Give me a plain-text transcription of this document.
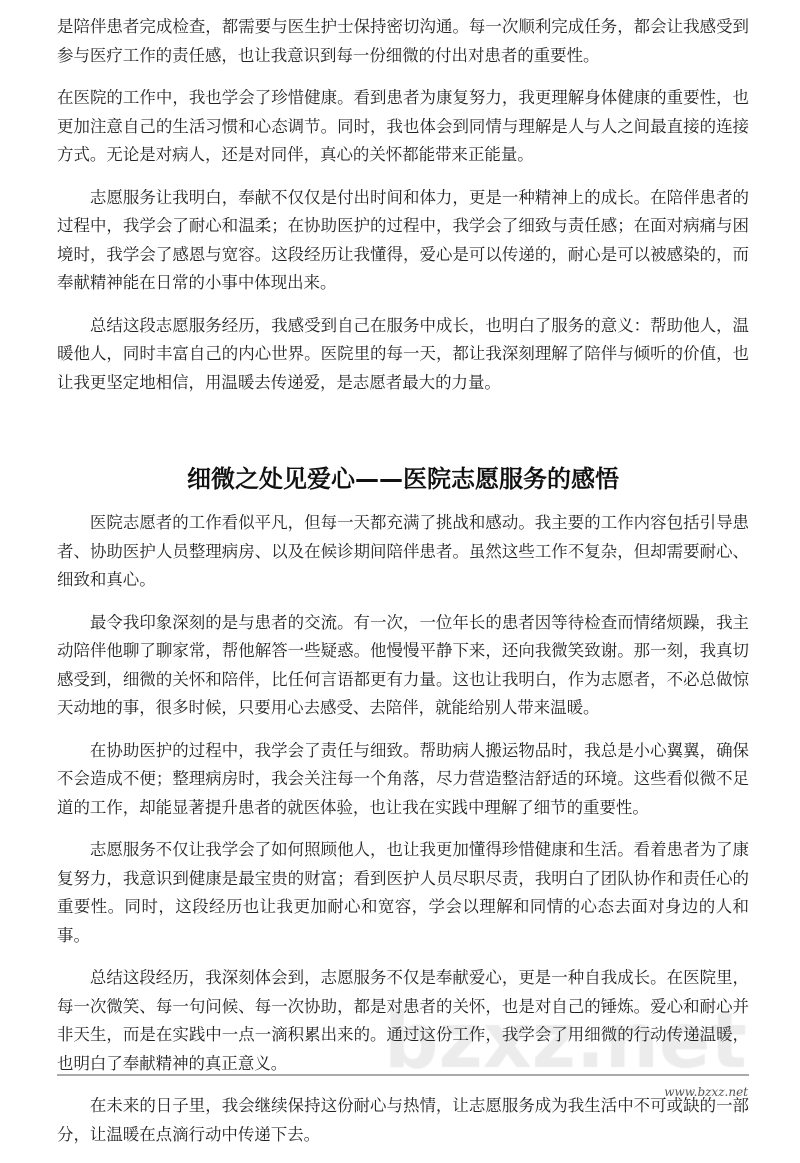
是陪伴患者完成检查，都需要与医生护士保持密切沟通。每一次顺利完成任务，都会让我感受到参与医疗工作的责任感，也让我意识到每一份细微的付出对患者的重要性。

在医院的工作中，我也学会了珍惜健康。看到患者为康复努力，我更理解身体健康的重要性，也更加注意自己的生活习惯和心态调节。同时，我也体会到同情与理解是人与人之间最直接的连接方式。无论是对病人，还是对同伴，真心的关怀都能带来正能量。

志愿服务让我明白，奉献不仅仅是付出时间和体力，更是一种精神上的成长。在陪伴患者的过程中，我学会了耐心和温柔；在协助医护的过程中，我学会了细致与责任感；在面对病痛与困境时，我学会了感恩与宽容。这段经历让我懂得，爱心是可以传递的，耐心是可以被感染的，而奉献精神能在日常的小事中体现出来。

总结这段志愿服务经历，我感受到自己在服务中成长，也明白了服务的意义：帮助他人，温暖他人，同时丰富自己的内心世界。医院里的每一天，都让我深刻理解了陪伴与倾听的价值，也让我更坚定地相信，用温暖去传递爱，是志愿者最大的力量。

细微之处见爱心——医院志愿服务的感悟

医院志愿者的工作看似平凡，但每一天都充满了挑战和感动。我主要的工作内容包括引导患者、协助医护人员整理病房、以及在候诊期间陪伴患者。虽然这些工作不复杂，但却需要耐心、细致和真心。

最令我印象深刻的是与患者的交流。有一次，一位年长的患者因等待检查而情绪烦躁，我主动陪伴他聊了聊家常，帮他解答一些疑惑。他慢慢平静下来，还向我微笑致谢。那一刻，我真切感受到，细微的关怀和陪伴，比任何言语都更有力量。这也让我明白，作为志愿者，不必总做惊天动地的事，很多时候，只要用心去感受、去陪伴，就能给别人带来温暖。

在协助医护的过程中，我学会了责任与细致。帮助病人搬运物品时，我总是小心翼翼，确保不会造成不便；整理病房时，我会关注每一个角落，尽力营造整洁舒适的环境。这些看似微不足道的工作，却能显著提升患者的就医体验，也让我在实践中理解了细节的重要性。

志愿服务不仅让我学会了如何照顾他人，也让我更加懂得珍惜健康和生活。看着患者为了康复努力，我意识到健康是最宝贵的财富；看到医护人员尽职尽责，我明白了团队协作和责任心的重要性。同时，这段经历也让我更加耐心和宽容，学会以理解和同情的心态去面对身边的人和事。

总结这段经历，我深刻体会到，志愿服务不仅是奉献爱心，更是一种自我成长。在医院里，每一次微笑、每一句问候、每一次协助，都是对患者的关怀，也是对自己的锤炼。爱心和耐心并非天生，而是在实践中一点一滴积累出来的。通过这份工作，我学会了用细微的行动传递温暖，也明白了奉献精神的真正意义。

在未来的日子里，我会继续保持这份耐心与热情，让志愿服务成为我生活中不可或缺的一部分，让温暖在点滴行动中传递下去。

www.bzxz.net
